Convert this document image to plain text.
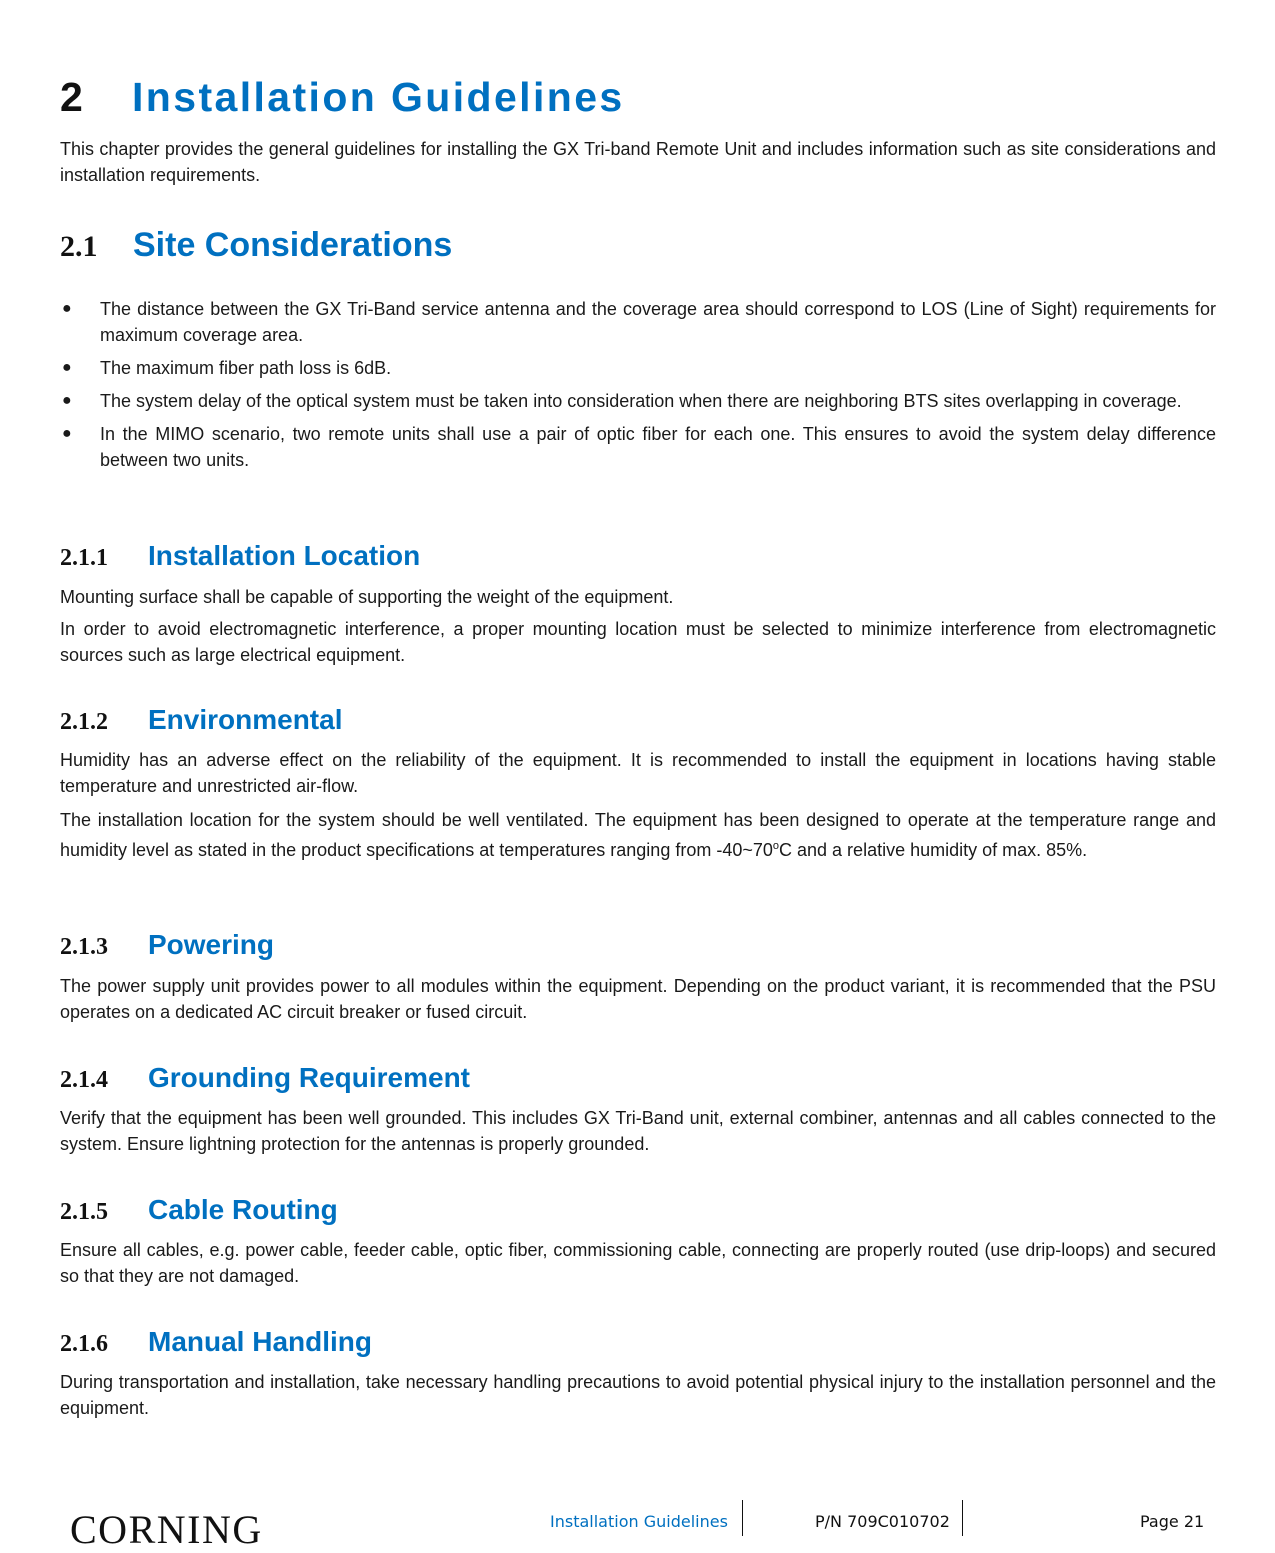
2 Installation Guidelines

This chapter provides the general guidelines for installing the GX Tri-band Remote Unit and includes information such as site considerations and installation requirements.

2.1 Site Considerations
● The distance between the GX Tri-Band service antenna and the coverage area should correspond to LOS (Line of Sight) requirements for maximum coverage area.
● The maximum fiber path loss is 6dB.
● The system delay of the optical system must be taken into consideration when there are neighboring BTS sites overlapping in coverage.
● In the MIMO scenario, two remote units shall use a pair of optic fiber for each one. This ensures to avoid the system delay difference between two units.
2.1.1 Installation Location

Mounting surface shall be capable of supporting the weight of the equipment.

In order to avoid electromagnetic interference, a proper mounting location must be selected to minimize interference from electromagnetic sources such as large electrical equipment.

2.1.2 Environmental

Humidity has an adverse effect on the reliability of the equipment. It is recommended to install the equipment in locations having stable temperature and unrestricted air-flow.

The installation location for the system should be well ventilated. The equipment has been designed to operate at the temperature range and humidity level as stated in the product specifications at temperatures ranging from -40~70$^o$C and a relative humidity of max. 85%.

2.1.3 Powering

The power supply unit provides power to all modules within the equipment. Depending on the product variant, it is recommended that the PSU operates on a dedicated AC circuit breaker or fused circuit.

2.1.4 Grounding Requirement

Verify that the equipment has been well grounded. This includes GX Tri-Band unit, external combiner, antennas and all cables connected to the system. Ensure lightning protection for the antennas is properly grounded.

2.1.5 Cable Routing

Ensure all cables, e.g. power cable, feeder cable, optic fiber, commissioning cable, connecting are properly routed (use drip-loops) and secured so that they are not damaged.

2.1.6 Manual Handling

During transportation and installation, take necessary handling precautions to avoid potential physical injury to the installation personnel and the equipment.

CORNING	Installation Guidelines	P/N 709C010702	Page 21
